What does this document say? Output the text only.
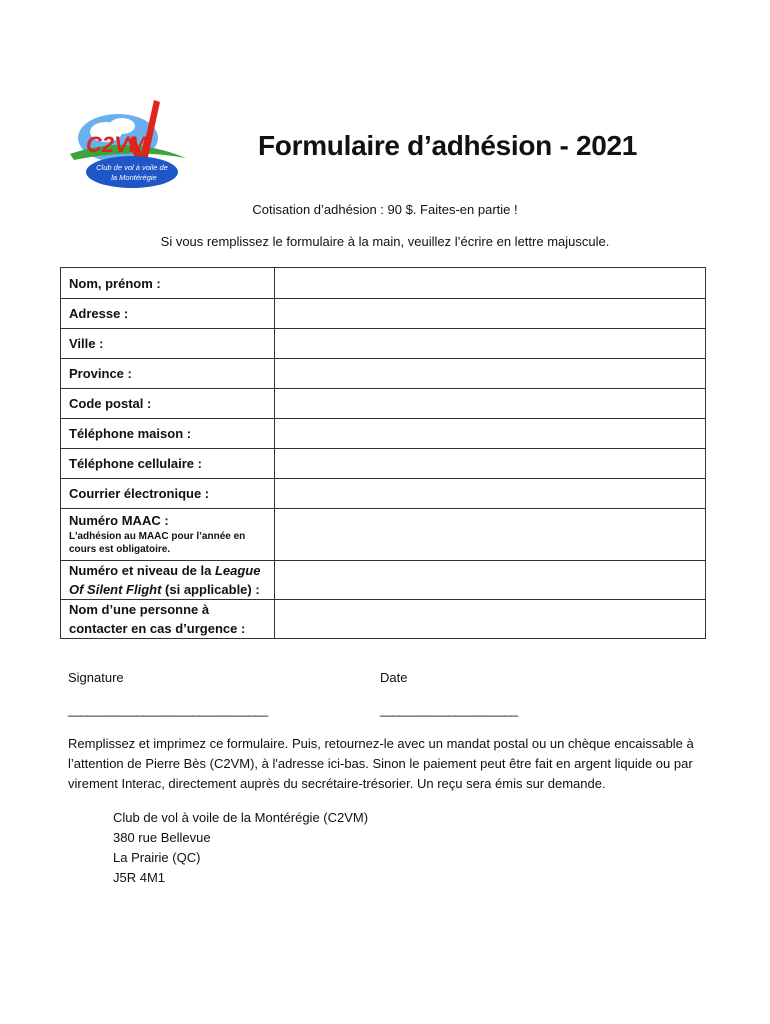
C2VM
Club de vol à voile de
la Montérégie
Formulaire d’adhésion - 2021
Cotisation d’adhésion : 90 $. Faites-en partie !
Si vous remplissez le formulaire à la main, veuillez l’écrire en lettre majuscule.
Nom, prénom :	
Adresse :	
Ville :	
Province :	
Code postal :	
Téléphone maison :	
Téléphone cellulaire :	
Courrier électronique :	
Numéro MAAC :
L'adhésion au MAAC pour l’année en cours est obligatoire.	

Numéro et niveau de la League Of Silent Flight (si applicable) :	
Nom d’une personne à contacter en cas d’urgence :	
Signature	Date
________________________________	______________________
Remplissez et imprimez ce formulaire. Puis, retournez-le avec un mandat postal ou un chèque encaissable à l’attention de Pierre Bès (C2VM), à l'adresse ici-bas. Sinon le paiement peut être fait en argent liquide ou par virement Interac, directement auprès du secrétaire-trésorier. Un reçu sera émis sur demande.
Club de vol à voile de la Montérégie (C2VM)
380 rue Bellevue
La Prairie (QC)
J5R 4M1
